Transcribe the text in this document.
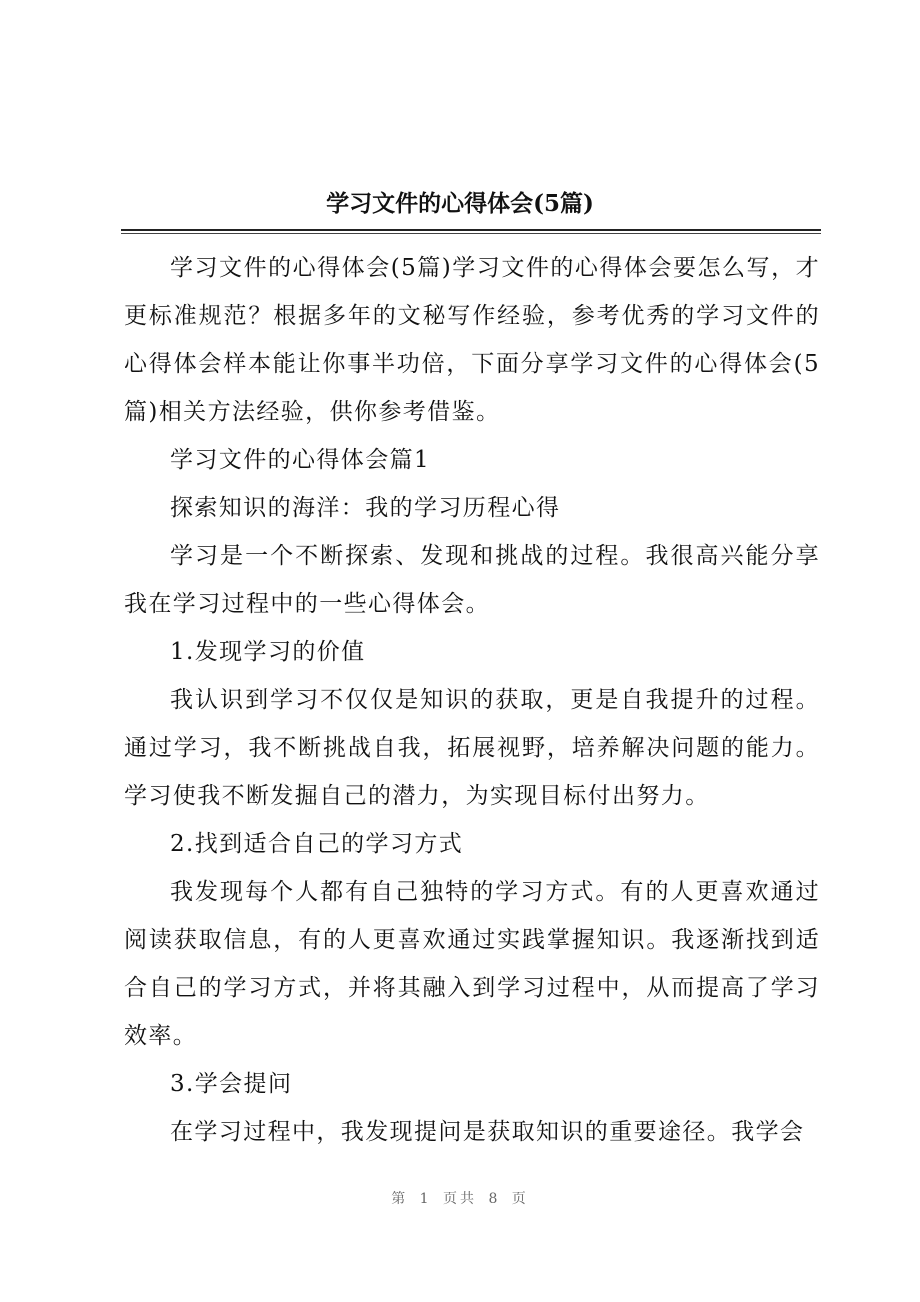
学习文件的心得体会(5篇)

学习文件的心得体会(5篇)学习文件的心得体会要怎么写，才更标准规范？根据多年的文秘写作经验，参考优秀的学习文件的心得体会样本能让你事半功倍，下面分享学习文件的心得体会(5篇)相关方法经验，供你参考借鉴。

学习文件的心得体会篇1

探索知识的海洋：我的学习历程心得

学习是一个不断探索、发现和挑战的过程。我很高兴能分享我在学习过程中的一些心得体会。

1.发现学习的价值

我认识到学习不仅仅是知识的获取，更是自我提升的过程。通过学习，我不断挑战自我，拓展视野，培养解决问题的能力。学习使我不断发掘自己的潜力，为实现目标付出努力。

2.找到适合自己的学习方式

我发现每个人都有自己独特的学习方式。有的人更喜欢通过阅读获取信息，有的人更喜欢通过实践掌握知识。我逐渐找到适合自己的学习方式，并将其融入到学习过程中，从而提高了学习效率。

3.学会提问

在学习过程中，我发现提问是获取知识的重要途径。我学会

第 1 页共 8 页
